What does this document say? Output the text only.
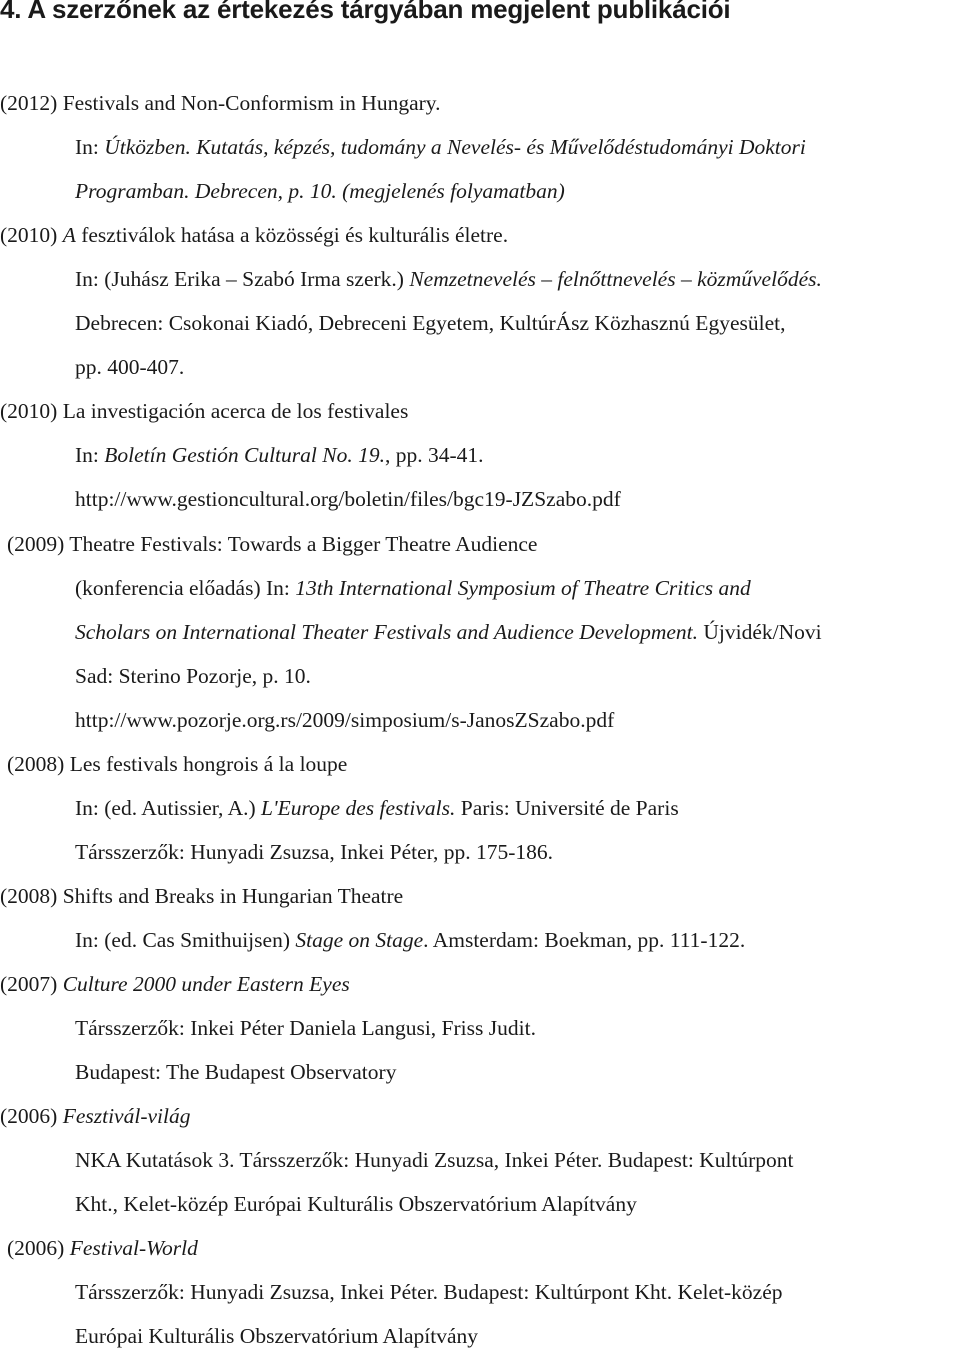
4. A szerzőnek az értekezés tárgyában megjelent publikációi
(2012) Festivals and Non-Conformism in Hungary.
In: Útközben. Kutatás, képzés, tudomány a Nevelés- és Művelődéstudományi Doktori
Programban. Debrecen, p. 10. (megjelenés folyamatban)
(2010) A fesztiválok hatása a közösségi és kulturális életre.
In: (Juhász Erika – Szabó Irma szerk.) Nemzetnevelés – felnőttnevelés – közművelődés.
Debrecen: Csokonai Kiadó, Debreceni Egyetem, KultúrÁsz Közhasznú Egyesület,
pp. 400-407.
(2010) La investigación acerca de los festivales
In: Boletín Gestión Cultural No. 19., pp. 34-41.
http://www.gestioncultural.org/boletin/files/bgc19-JZSzabo.pdf
(2009) Theatre Festivals: Towards a Bigger Theatre Audience
(konferencia előadás) In: 13th International Symposium of Theatre Critics and
Scholars on International Theater Festivals and Audience Development. Újvidék/Novi
Sad: Sterino Pozorje, p. 10.
http://www.pozorje.org.rs/2009/simposium/s-JanosZSzabo.pdf
(2008) Les festivals hongrois á la loupe
In: (ed. Autissier, A.) L'Europe des festivals. Paris: Université de Paris
Társszerzők: Hunyadi Zsuzsa, Inkei Péter, pp. 175-186.
(2008) Shifts and Breaks in Hungarian Theatre
In: (ed. Cas Smithuijsen) Stage on Stage. Amsterdam: Boekman, pp. 111-122.
(2007) Culture 2000 under Eastern Eyes
Társszerzők: Inkei Péter Daniela Langusi, Friss Judit.
Budapest: The Budapest Observatory
(2006) Fesztivál-világ
NKA Kutatások 3. Társszerzők: Hunyadi Zsuzsa, Inkei Péter. Budapest: Kultúrpont
Kht., Kelet-közép Európai Kulturális Obszervatórium Alapítvány
(2006) Festival-World
Társszerzők: Hunyadi Zsuzsa, Inkei Péter. Budapest: Kultúrpont Kht. Kelet-közép
Európai Kulturális Obszervatórium Alapítvány
